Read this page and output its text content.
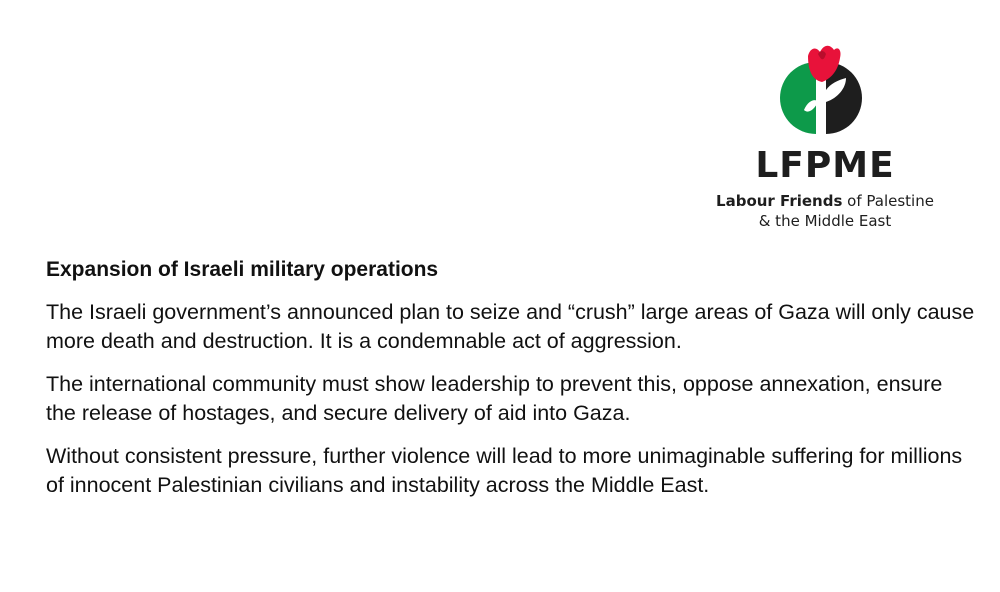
LFPME
Labour Friends of Palestine
& the Middle East
Expansion of Israeli military operations

The Israeli government’s announced plan to seize and “crush” large areas of Gaza will only cause more death and destruction. It is a condemnable act of aggression.

The international community must show leadership to prevent this, oppose annexation, ensure the release of hostages, and secure delivery of aid into Gaza.

Without consistent pressure, further violence will lead to more unimaginable suffering for millions of innocent Palestinian civilians and instability across the Middle East.
